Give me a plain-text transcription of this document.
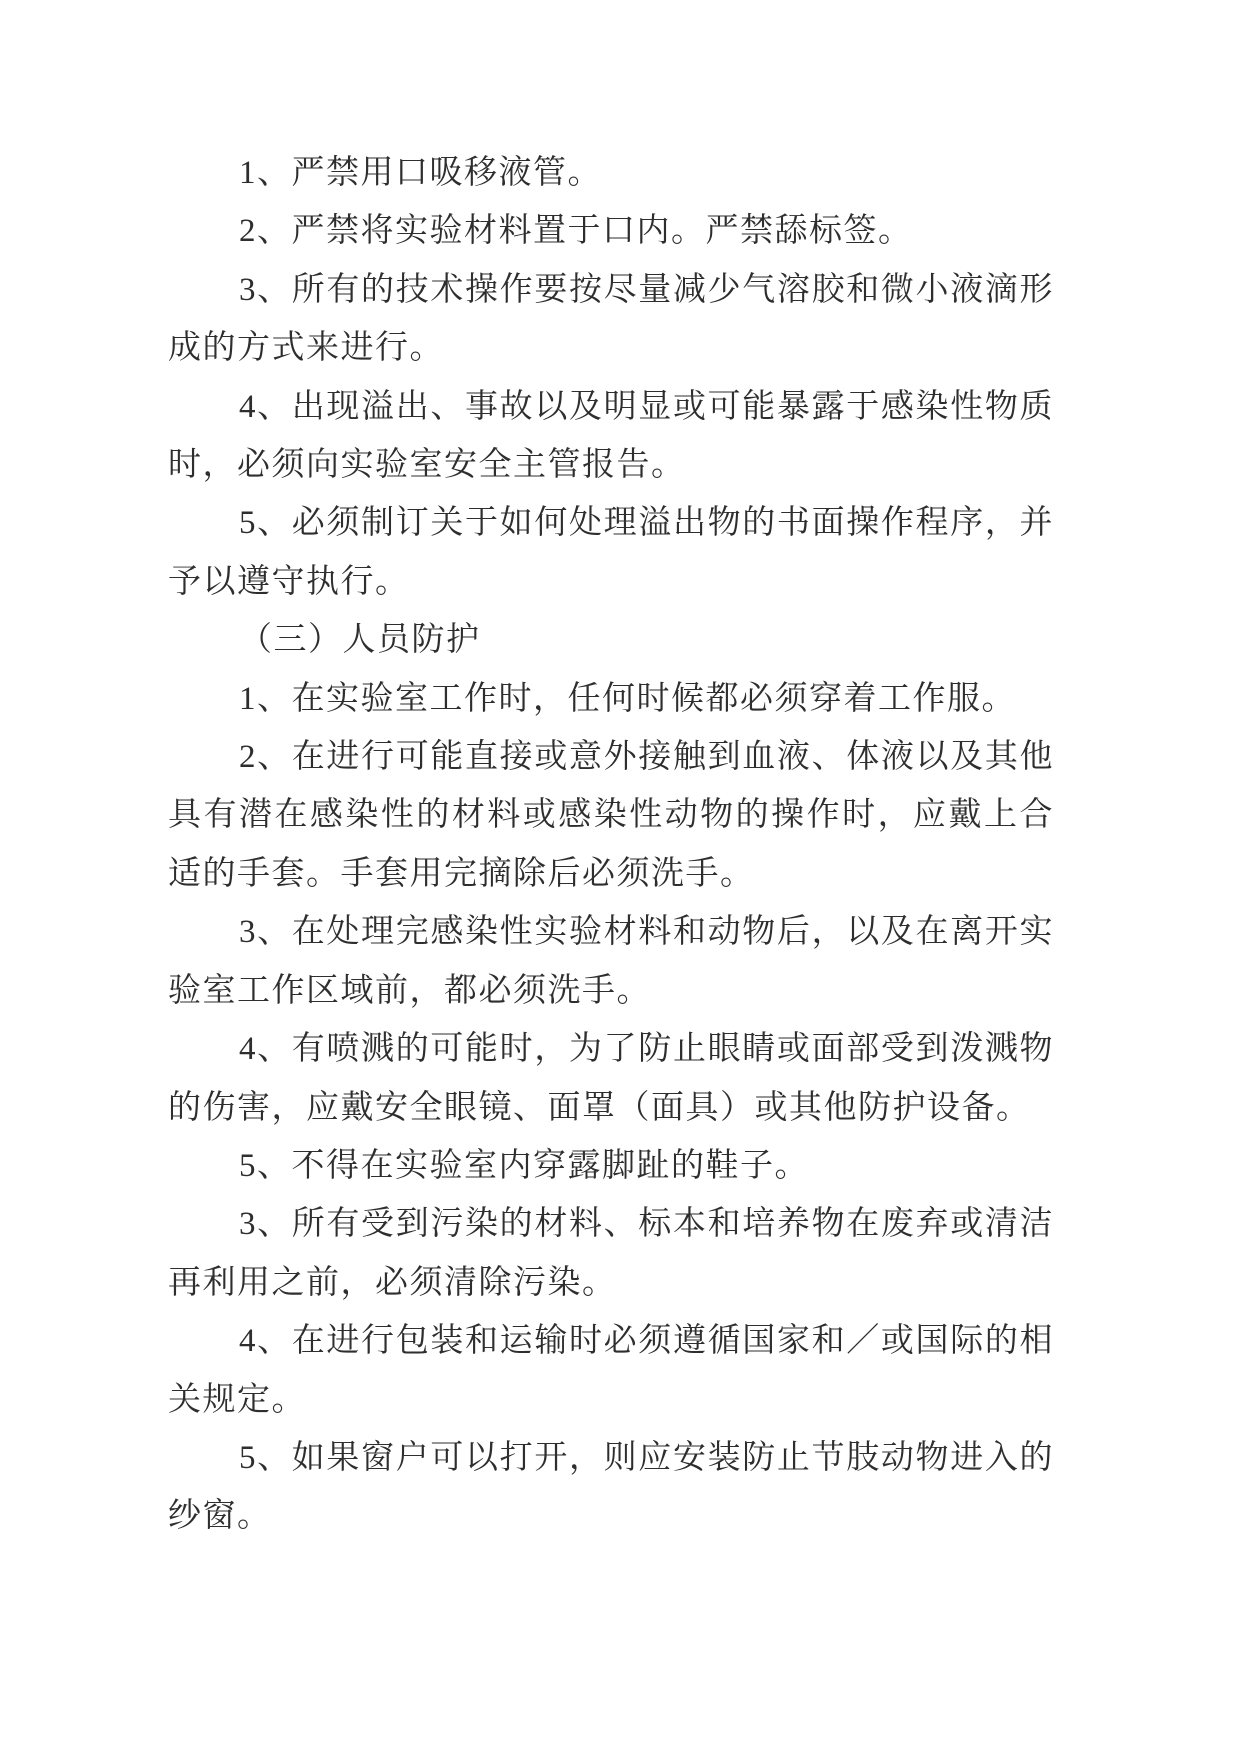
1、严禁用口吸移液管。

2、严禁将实验材料置于口内。严禁舔标签。

3、所有的技术操作要按尽量减少气溶胶和微小液滴形成的方式来进行。

4、出现溢出、事故以及明显或可能暴露于感染性物质时，必须向实验室安全主管报告。

5、必须制订关于如何处理溢出物的书面操作程序，并予以遵守执行。

（三）人员防护

1、在实验室工作时，任何时候都必须穿着工作服。

2、在进行可能直接或意外接触到血液、体液以及其他具有潜在感染性的材料或感染性动物的操作时，应戴上合适的手套。手套用完摘除后必须洗手。

3、在处理完感染性实验材料和动物后，以及在离开实验室工作区域前，都必须洗手。

4、有喷溅的可能时，为了防止眼睛或面部受到泼溅物的伤害，应戴安全眼镜、面罩（面具）或其他防护设备。

5、不得在实验室内穿露脚趾的鞋子。

3、所有受到污染的材料、标本和培养物在废弃或清洁再利用之前，必须清除污染。

4、在进行包装和运输时必须遵循国家和／或国际的相关规定。

5、如果窗户可以打开，则应安装防止节肢动物进入的纱窗。
